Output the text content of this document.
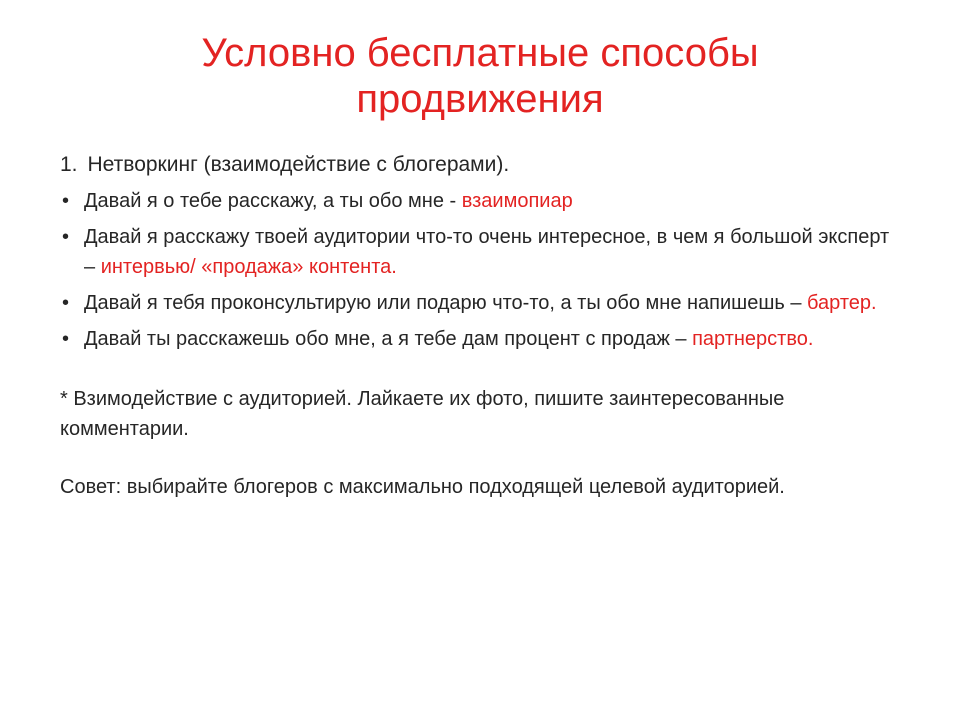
Условно бесплатные способы
продвижения

1. Нетворкинг (взаимодействие с блогерами).

• Давай я о тебе расскажу, а ты обо мне - взаимопиар
• Давай я расскажу твоей аудитории что-то очень интересное, в чем я большой эксперт – интервью/ «продажа» контента.
• Давай я тебя проконсультирую или подарю что-то, а ты обо мне напишешь – бартер.
• Давай ты расскажешь обо мне, а я тебе дам процент с продаж – партнерство.

* Взимодействие с аудиторией. Лайкаете их фото, пишите заинтересованные комментарии.

Совет: выбирайте блогеров с максимально подходящей целевой аудиторией.
